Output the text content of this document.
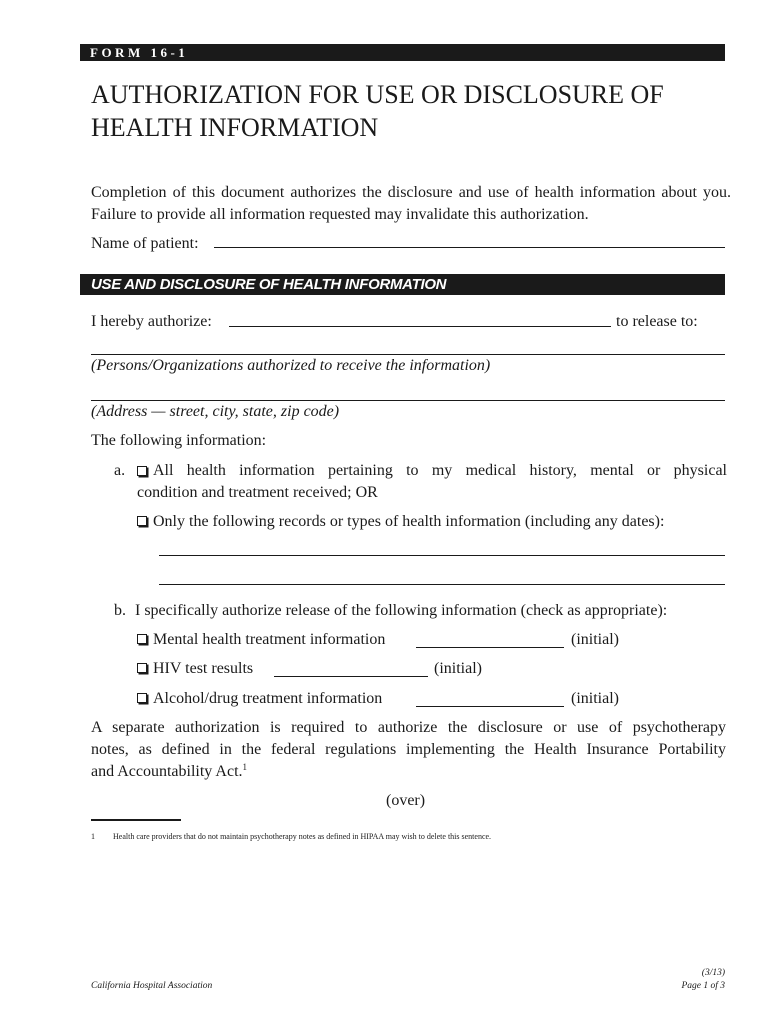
FORM 16-1
AUTHORIZATION FOR USE OR DISCLOSURE OF HEALTH INFORMATION
Completion of this document authorizes the disclosure and use of health information about you. Failure to provide all information requested may invalidate this authorization.
Name of patient:
USE AND DISCLOSURE OF HEALTH INFORMATION
I hereby authorize:	to release to:
(Persons/Organizations authorized to receive the information)
(Address — street, city, state, zip code)
The following information:
a. All health information pertaining to my medical history, mental or physical
condition and treatment received; OR
Only the following records or types of health information (including any dates):
b. I specifically authorize release of the following information (check as appropriate):
Mental health treatment information	(initial)
HIV test results	(initial)
Alcohol/drug treatment information	(initial)
A separate authorization is required to authorize the disclosure or use of psychotherapy
notes, as defined in the federal regulations implementing the Health Insurance Portability
and Accountability Act.$^1$
(over)
1 Health care providers that do not maintain psychotherapy notes as defined in HIPAA may wish to delete this sentence.
California Hospital Association
(3/13)
Page 1 of 3
